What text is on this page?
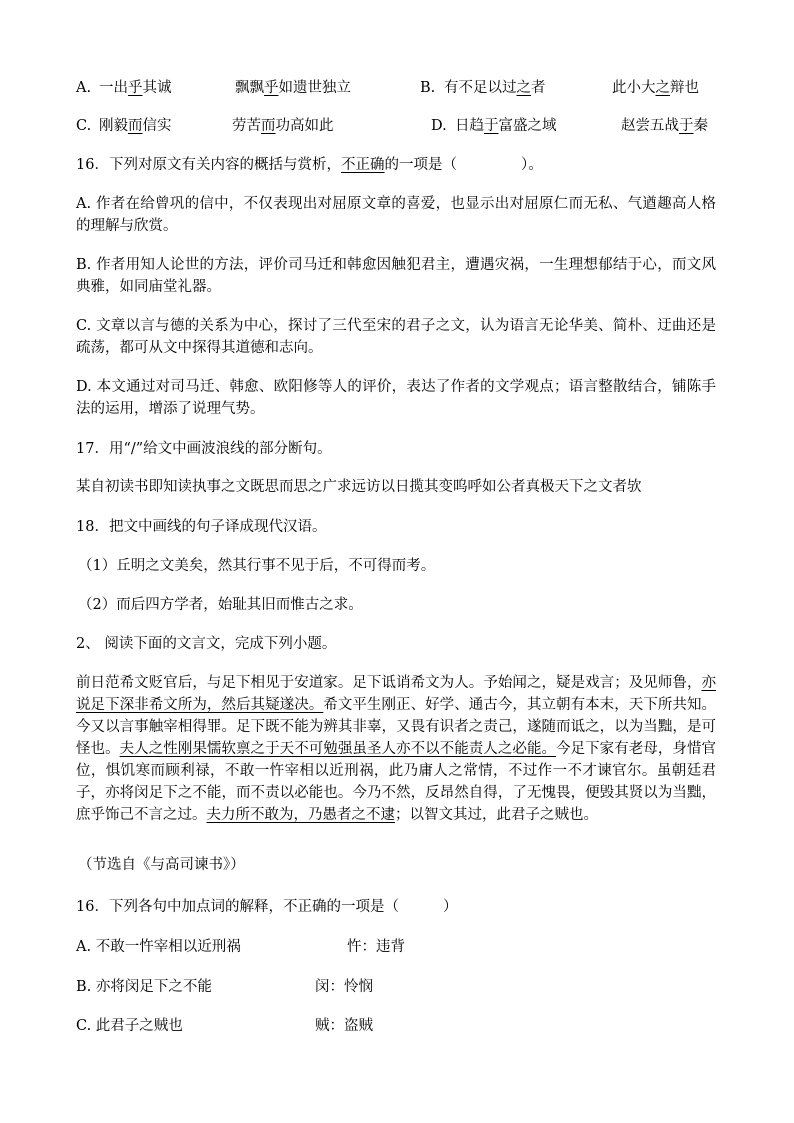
A. 一出乎其诚	飘飘乎如遗世独立	B. 有不足以过之者	此小大之辩也
C. 刚毅而信实	劳苦而功高如此	D. 日趋于富盛之域	赵尝五战于秦
16．下列对原文有关内容的概括与赏析，不正确的一项是（	）。
A. 作者在给曾巩的信中，不仅表现出对屈原文章的喜爱，也显示出对屈原仁而无私、气遒趣高人格的理解与欣赏。
B. 作者用知人论世的方法，评价司马迁和韩愈因触犯君主，遭遇灾祸，一生理想郁结于心，而文风典雅，如同庙堂礼器。
C. 文章以言与德的关系为中心，探讨了三代至宋的君子之文，认为语言无论华美、简朴、迂曲还是疏荡，都可从文中探得其道德和志向。
D. 本文通过对司马迁、韩愈、欧阳修等人的评价，表达了作者的文学观点；语言整散结合，铺陈手法的运用，增添了说理气势。
17．用“/”给文中画波浪线的部分断句。
某自初读书即知读执事之文既思而思之广求远访以日揽其变呜呼如公者真极天下之文者欤
18．把文中画线的句子译成现代汉语。
（1）丘明之文美矣，然其行事不见于后，不可得而考。
（2）而后四方学者，始耻其旧而惟古之求。
2、 阅读下面的文言文，完成下列小题。
前日范希文贬官后，与足下相见于安道家。足下诋诮希文为人。予始闻之，疑是戏言；及见师鲁，亦说足下深非希文所为，然后其疑遂决。希文平生刚正、好学、通古今，其立朝有本末，天下所共知。今又以言事触宰相得罪。足下既不能为辨其非辜，又畏有识者之责己，遂随而诋之，以为当黜，是可怪也。夫人之性刚果懦软禀之于天不可勉强虽圣人亦不以不能责人之必能。今足下家有老母，身惜官位，惧饥寒而顾利禄，不敢一忤宰相以近刑祸，此乃庸人之常情，不过作一不才谏官尔。虽朝廷君子，亦将闵足下之不能，而不责以必能也。今乃不然，反昂然自得，了无愧畏，便毁其贤以为当黜，庶乎饰己不言之过。夫力所不敢为，乃愚者之不逮；以智文其过，此君子之贼也。
（节选自《与高司谏书》）
16．下列各句中加点词的解释，不正确的一项是（	）
A. 不敢一忤宰相以近刑祸	忤：违背
B. 亦将闵足下之不能	闵：怜悯
C. 此君子之贼也	贼：盗贼
